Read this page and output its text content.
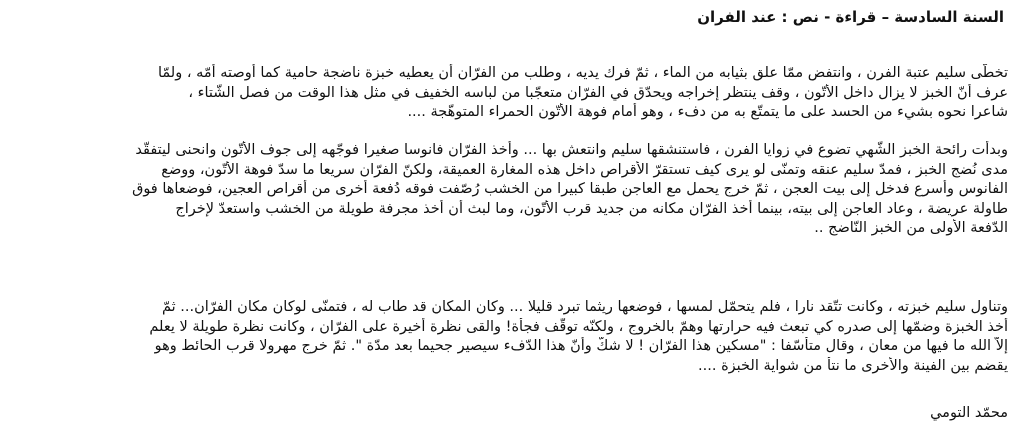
السنة السادسة – قراءة - نص : عند الفران
تخطّى سليم عتبة الفرن ، وانتفض ممّا علق بثيابه من الماء ، ثمّ فرك يديه ، وطلب من الفرّان أن يعطيه خبزة ناضجة حامية كما أوصته أمّه ، ولمّا
عرف أنّ الخبز لا يزال داخل الأتّون ، وقف ينتظر إخراجه ويحدّق في الفرّان متعجّبا من لباسه الخفيف في مثل هذا الوقت من فصل الشّتاء ،
شاعرا نحوه بشيء من الحسد على ما يتمتّع به من دفء ، وهو أمام فوهة الأتّون الحمراء المتوهّجة ....
وبدأت رائحة الخبز الشّهي تضوع في زوايا الفرن ، فاستنشقها سليم وانتعش بها ... وأخذ الفرّان فانوسا صغيرا فوجّهه إلى جوف الأتّون وانحنى ليتفقّد
مدى نُضج الخبز ، فمدّ سليم عنقه وتمنّى لو يرى كيف تستقرّ الأقراص داخل هذه المغارة العميقة، ولكنّ الفرّان سريعا ما سدّ فوهة الأتّون، ووضع
الفانوس وأسرع فدخل إلى بيت العجن ، ثمّ خرج يحمل مع العاجن طبقا كبيرا من الخشب رُصّفت فوقه دُفعة أخرى من أقراص العجين، فوضعاها فوق
طاولة عريضة ، وعاد العاجن إلى بيته، بينما أخذ الفرّان مكانه من جديد قرب الأتّون، وما لبث أن أخذ مجرفة طويلة من الخشب واستعدّ لإخراج
الدّفعة الأولى من الخبز النّاضج ..
وتناول سليم خبزته ، وكانت تتّقد نارا ، فلم يتحمّل لمسها ، فوضعها ريثما تبرد قليلا ... وكان المكان قد طاب له ، فتمنّى لوكان مكان الفرّان... ثمّ
أخذ الخبزة وضمّها إلى صدره كي تبعث فيه حرارتها وهمّ بالخروج ، ولكنّه توقّف فجأة! والقى نظرة أخيرة على الفرّان ، وكانت نظرة طويلة لا يعلم
إلاّ الله ما فيها من معان ، وقال متأسّفا : "مسكين هذا الفرّان ! لا شكّ وأنّ هذا الدّفء سيصير جحيما بعد مدّة ". ثمّ خرج مهرولا قرب الحائط وهو
يقضم بين الفينة والأخرى ما نتأ من شواية الخبزة ....
محمّد التومي
